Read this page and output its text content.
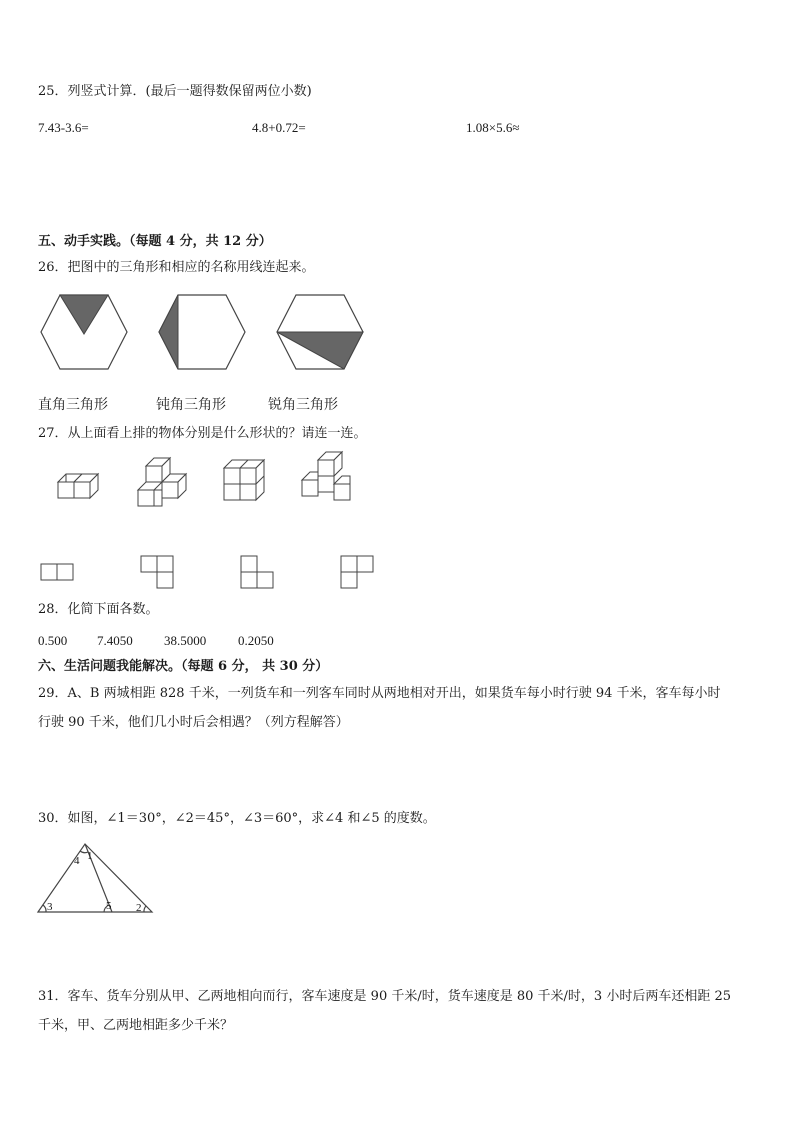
25．列竖式计算．(最后一题得数保留两位小数)
7.43-3.6=	4.8+0.72=	1.08×5.6≈
五、动手实践。（每题 4 分，共 12 分）
26．把图中的三角形和相应的名称用线连起来。
直角三角形	钝角三角形	锐角三角形
27．从上面看上排的物体分别是什么形状的？请连一连。
28．化简下面各数。
0.500 7.4050 38.5000 0.2050
六、生活问题我能解决。（每题 6 分， 共 30 分）
29．A、B 两城相距 828 千米，一列货车和一列客车同时从两地相对开出，如果货车每小时行驶 94 千米，客车每小时
行驶 90 千米，他们几小时后会相遇？（列方程解答）
30．如图，∠1＝30°，∠2＝45°，∠3＝60°，求∠4 和∠5 的度数。
4 1
3	5 2
31．客车、货车分别从甲、乙两地相向而行，客车速度是 90 千米/时，货车速度是 80 千米/时，3 小时后两车还相距 25
千米，甲、乙两地相距多少千米？
